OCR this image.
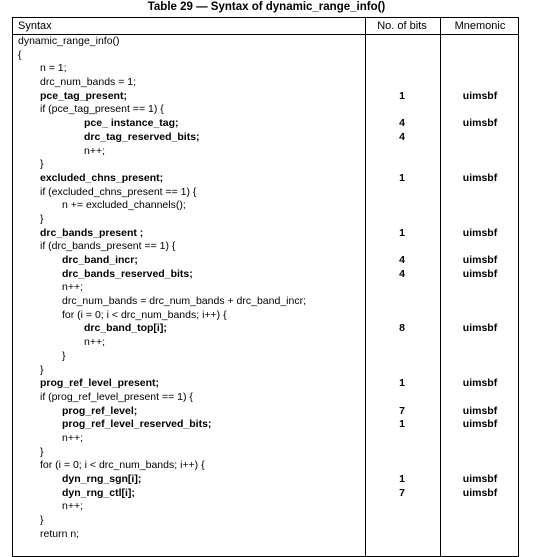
Table 29 — Syntax of dynamic_range_info()
Syntax	No. of bits	Mnemonic
dynamic_range_info()
{
n = 1;
drc_num_bands = 1;
pce_tag_present;	1	uimsbf
if (pce_tag_present == 1) {
pce_ instance_tag;	4	uimsbf
drc_tag_reserved_bits;	4
n++;
}
excluded_chns_present;	1	uimsbf
if (excluded_chns_present == 1) {
n += excluded_channels();
}
drc_bands_present ;	1	uimsbf
if (drc_bands_present == 1) {
drc_band_incr;	4	uimsbf
drc_bands_reserved_bits;	4	uimsbf
n++;
drc_num_bands = drc_num_bands + drc_band_incr;
for (i = 0; i < drc_num_bands; i++) {
drc_band_top[i];	8	uimsbf
n++;
}
}
prog_ref_level_present;	1	uimsbf
if (prog_ref_level_present == 1) {
prog_ref_level;	7	uimsbf
prog_ref_level_reserved_bits;	1	uimsbf
n++;
}
for (i = 0; i < drc_num_bands; i++) {
dyn_rng_sgn[i];	1	uimsbf
dyn_rng_ctl[i];	7	uimsbf
n++;
}
return n;
